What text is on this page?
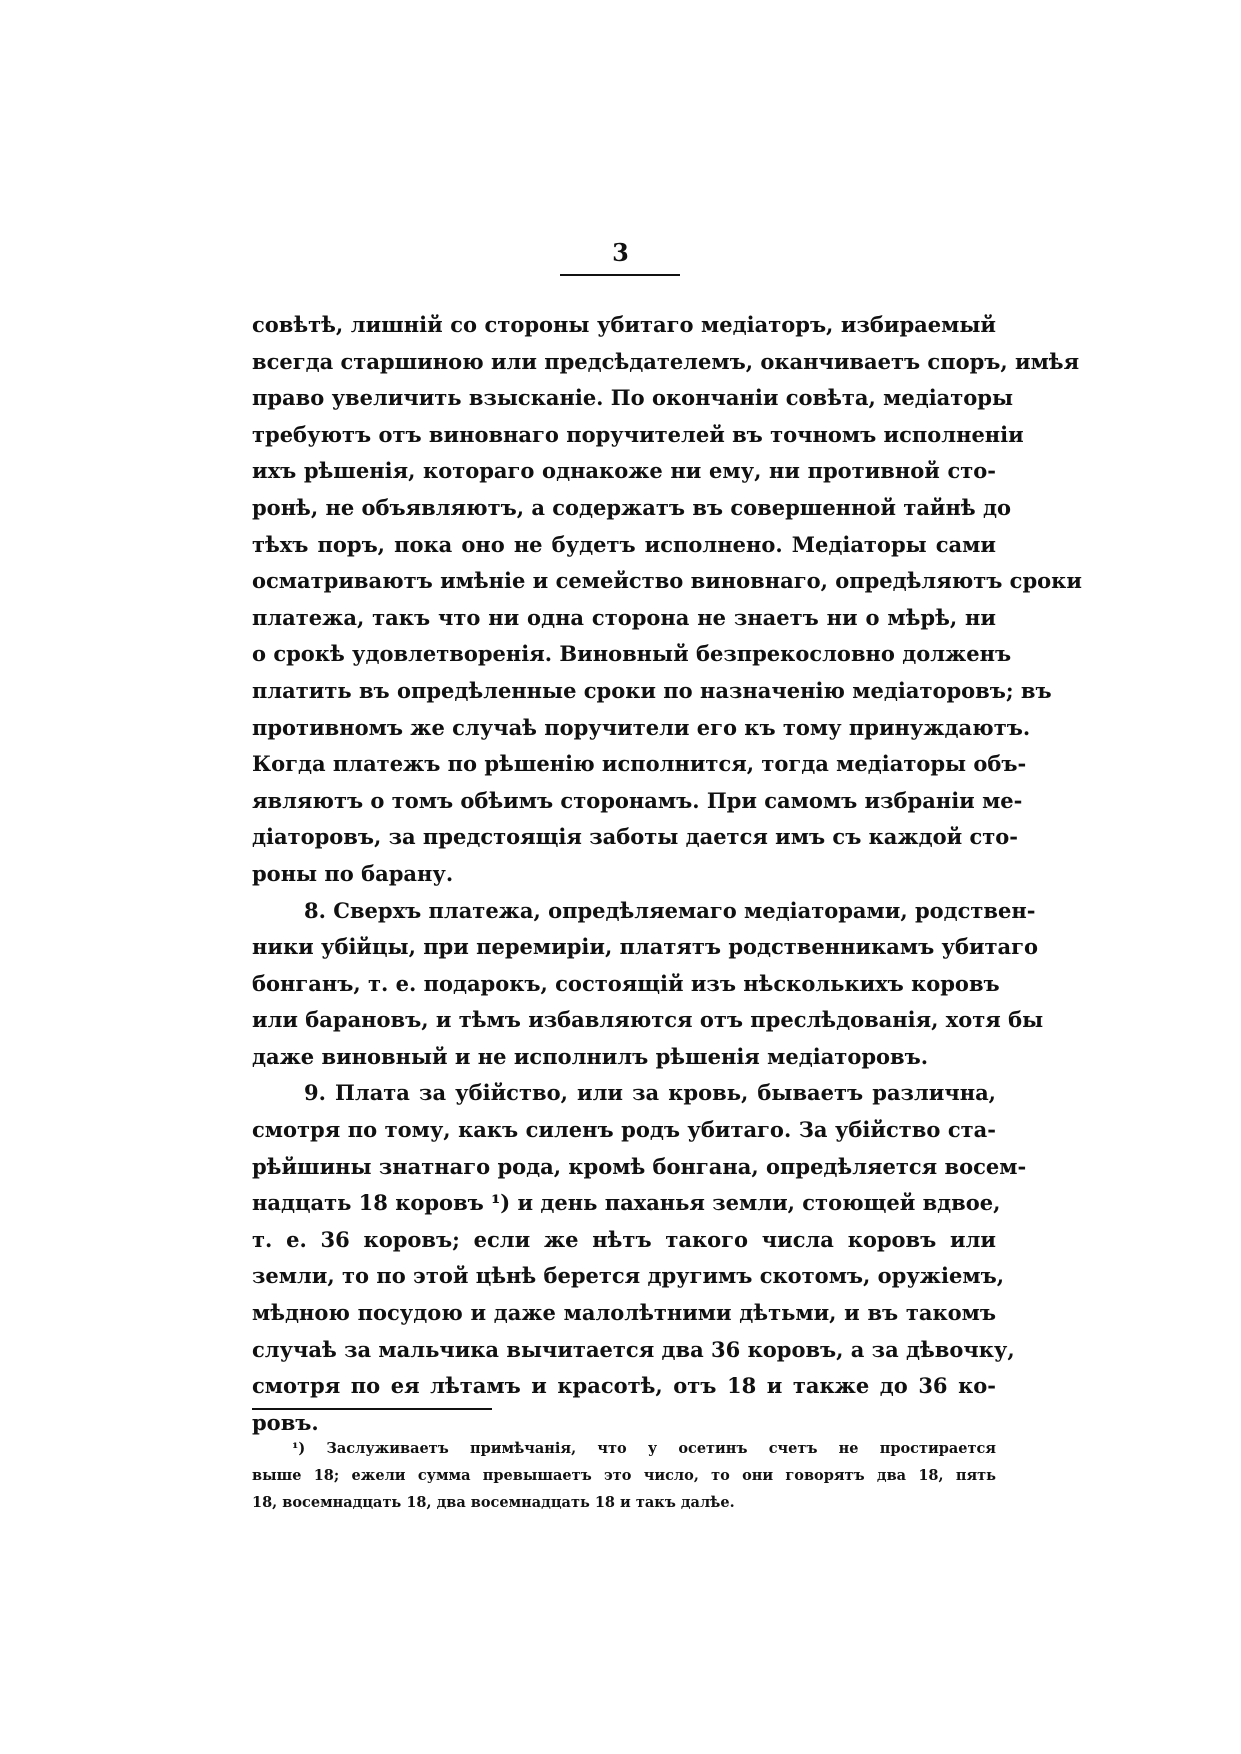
3
совѣтѣ, лишній со стороны убитаго медіаторъ, избираемый
всегда старшиною или предсѣдателемъ, оканчиваетъ споръ, имѣя
право увеличить взысканіе. По окончаніи совѣта, медіаторы
требуютъ отъ виновнаго поручителей въ точномъ исполненіи
ихъ рѣшенія, котораго однакоже ни ему, ни противной сто-
ронѣ, не объявляютъ, а содержатъ въ совершенной тайнѣ до
тѣхъ поръ, пока оно не будетъ исполнено. Медіаторы сами
осматриваютъ имѣніе и семейство виновнаго, опредѣляютъ сроки
платежа, такъ что ни одна сторона не знаетъ ни о мѣрѣ, ни
о срокѣ удовлетворенія. Виновный безпрекословно долженъ
платить въ опредѣленные сроки по назначенію медіаторовъ; въ
противномъ же случаѣ поручители его къ тому принуждаютъ.
Когда платежъ по рѣшенію исполнится, тогда медіаторы объ-
являютъ о томъ обѣимъ сторонамъ. При самомъ избраніи ме-
діаторовъ, за предстоящія заботы дается имъ съ каждой сто-
роны по барану.
8. Сверхъ платежа, опредѣляемаго медіаторами, родствен-
ники убійцы, при перемиріи, платятъ родственникамъ убитаго
бонганъ, т. е. подарокъ, состоящій изъ нѣсколькихъ коровъ
или барановъ, и тѣмъ избавляются отъ преслѣдованія, хотя бы
даже виновный и не исполнилъ рѣшенія медіаторовъ.
9. Плата за убійство, или за кровь, бываетъ различна,
смотря по тому, какъ силенъ родъ убитаго. За убійство ста-
рѣйшины знатнаго рода, кромѣ бонгана, опредѣляется восем-
надцать 18 коровъ ¹) и день паханья земли, стоющей вдвое,
т. е. 36 коровъ; если же нѣтъ такого числа коровъ или
земли, то по этой цѣнѣ берется другимъ скотомъ, оружіемъ,
мѣдною посудою и даже малолѣтними дѣтьми, и въ такомъ
случаѣ за мальчика вычитается два 36 коровъ, а за дѣвочку,
смотря по ея лѣтамъ и красотѣ, отъ 18 и также до 36 ко-
ровъ.
¹) Заслуживаетъ примѣчанія, что у осетинъ счетъ не простирается
выше 18; ежели сумма превышаетъ это число, то они говорятъ два 18, пять
18, восемнадцать 18, два восемнадцать 18 и такъ далѣе.
